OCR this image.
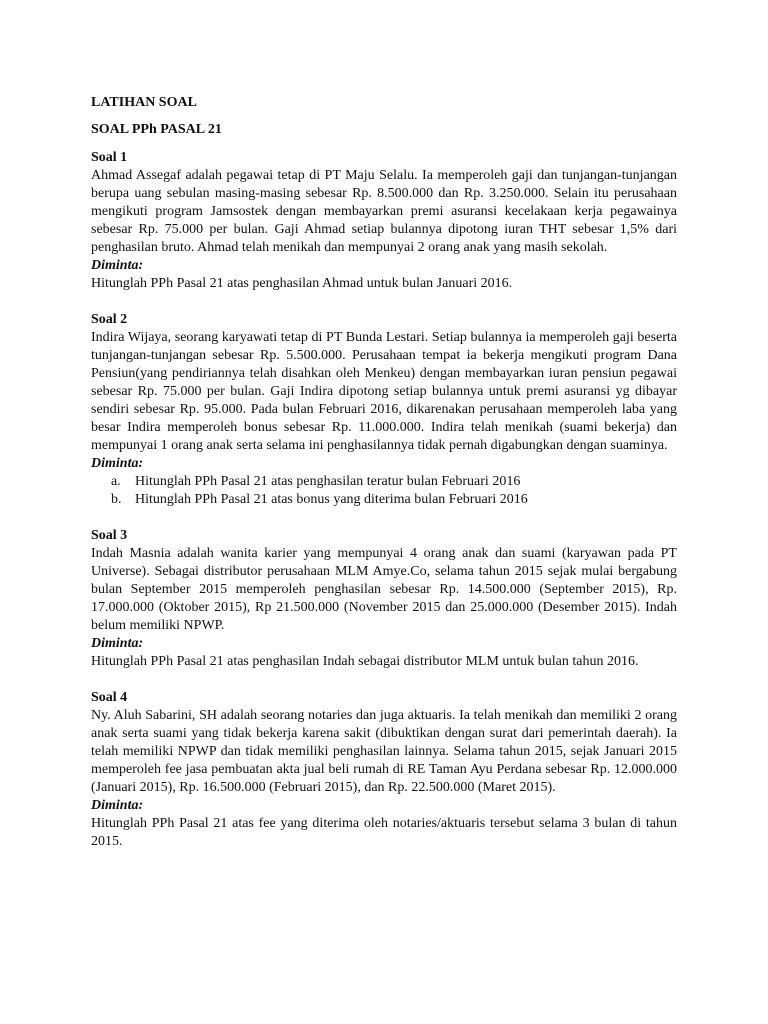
LATIHAN SOAL

SOAL PPh PASAL 21

Soal 1

Ahmad Assegaf adalah pegawai tetap di PT Maju Selalu. Ia memperoleh gaji dan tunjangan-tunjangan berupa uang sebulan masing-masing sebesar Rp. 8.500.000 dan Rp. 3.250.000. Selain itu perusahaan mengikuti program Jamsostek dengan membayarkan premi asuransi kecelakaan kerja pegawainya sebesar Rp. 75.000 per bulan. Gaji Ahmad setiap bulannya dipotong iuran THT sebesar 1,5% dari penghasilan bruto. Ahmad telah menikah dan mempunyai 2 orang anak yang masih sekolah.

Diminta:

Hitunglah PPh Pasal 21 atas penghasilan Ahmad untuk bulan Januari 2016.

Soal 2

Indira Wijaya, seorang karyawati tetap di PT Bunda Lestari. Setiap bulannya ia memperoleh gaji beserta tunjangan-tunjangan sebesar Rp. 5.500.000. Perusahaan tempat ia bekerja mengikuti program Dana Pensiun(yang pendiriannya telah disahkan oleh Menkeu) dengan membayarkan iuran pensiun pegawai sebesar Rp. 75.000 per bulan. Gaji Indira dipotong setiap bulannya untuk premi asuransi yg dibayar sendiri sebesar Rp. 95.000. Pada bulan Februari 2016, dikarenakan perusahaan memperoleh laba yang besar Indira memperoleh bonus sebesar Rp. 11.000.000. Indira telah menikah (suami bekerja) dan mempunyai 1 orang anak serta selama ini penghasilannya tidak pernah digabungkan dengan suaminya.

Diminta:

a.	Hitunglah PPh Pasal 21 atas penghasilan teratur bulan Februari 2016
b. Hitunglah PPh Pasal 21 atas bonus yang diterima bulan Februari 2016

Soal 3

Indah Masnia adalah wanita karier yang mempunyai 4 orang anak dan suami (karyawan pada PT Universe). Sebagai distributor perusahaan MLM Amye.Co, selama tahun 2015 sejak mulai bergabung bulan September 2015 memperoleh penghasilan sebesar Rp. 14.500.000 (September 2015), Rp. 17.000.000 (Oktober 2015), Rp 21.500.000 (November 2015 dan 25.000.000 (Desember 2015). Indah belum memiliki NPWP.

Diminta:

Hitunglah PPh Pasal 21 atas penghasilan Indah sebagai distributor MLM untuk bulan tahun 2016.

Soal 4

Ny. Aluh Sabarini, SH adalah seorang notaries dan juga aktuaris. Ia telah menikah dan memiliki 2 orang anak serta suami yang tidak bekerja karena sakit (dibuktikan dengan surat dari pemerintah daerah). Ia telah memiliki NPWP dan tidak memiliki penghasilan lainnya. Selama tahun 2015, sejak Januari 2015 memperoleh fee jasa pembuatan akta jual beli rumah di RE Taman Ayu Perdana sebesar Rp. 12.000.000 (Januari 2015), Rp. 16.500.000 (Februari 2015), dan Rp. 22.500.000 (Maret 2015).

Diminta:

Hitunglah PPh Pasal 21 atas fee yang diterima oleh notaries/aktuaris tersebut selama 3 bulan di tahun 2015.
